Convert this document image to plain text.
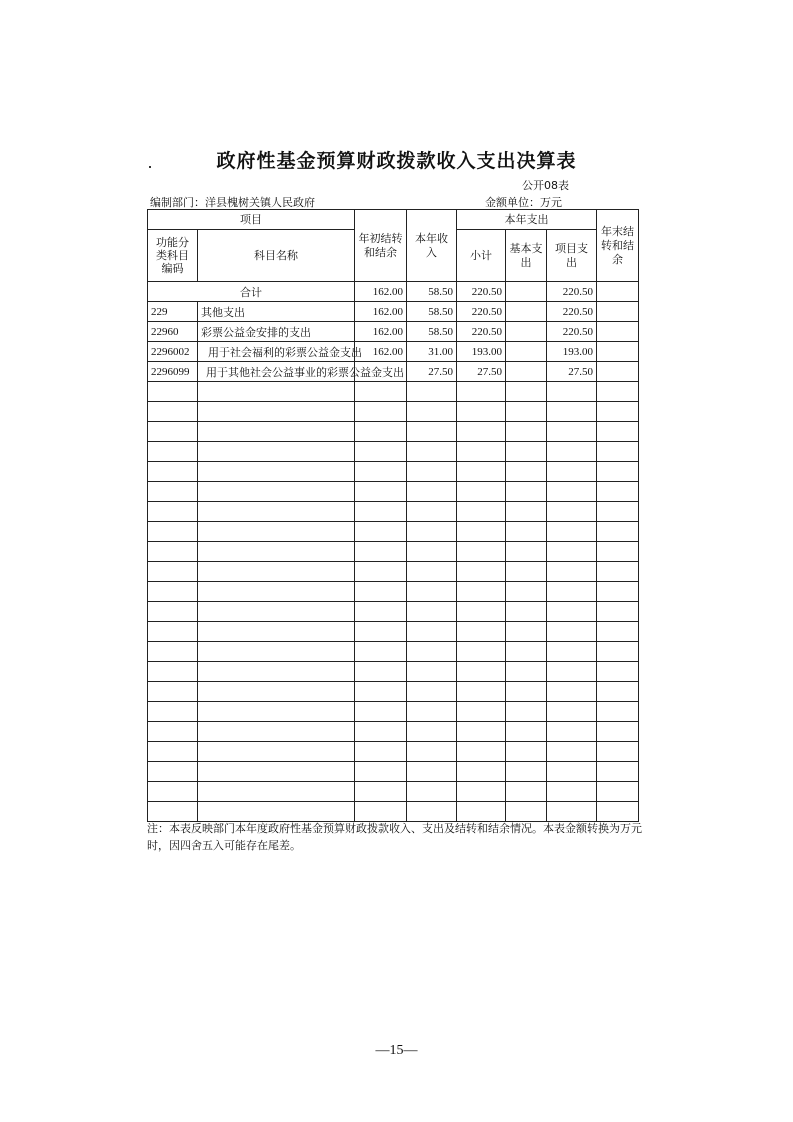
政府性基金预算财政拨款收入支出决算表
公开08表
编制部门：洋县槐树关镇人民政府	金额单位：万元
项目		年初结转和结余	本年收入	本年支出			年末结转和结余
功能分类科目编码	科目名称			小计	基本支出	项目支出	
合计		162.00	58.50	220.50		220.50	
229	其他支出	162.00	58.50	220.50		220.50	
22960	彩票公益金安排的支出	162.00	58.50	220.50		220.50	
2296002	用于社会福利的彩票公益金支出	162.00	31.00	193.00		193.00	
2296099	用于其他社会公益事业的彩票公益金支出		27.50	27.50		27.50	

注：本表反映部门本年度政府性基金预算财政拨款收入、支出及结转和结余情况。本表金额转换为万元时，因四舍五入可能存在尾差。
—15—
